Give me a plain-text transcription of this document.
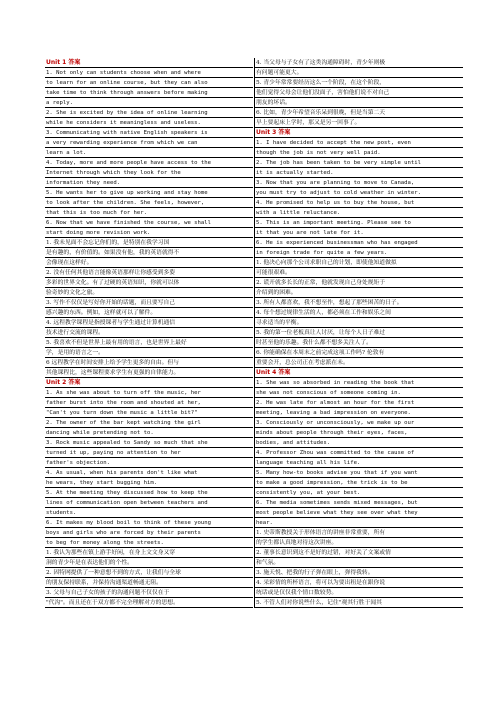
Unit 1 答案
1. Not only can students choose when and where
to learn for an online course, but they can also
take time to think through answers before making
a reply.
2. She is excited by the idea of online learning
while he considers it meaningless and useless.
3. Communicating with native English speakers is
a very rewarding experience from which we can
learn a lot.
4. Today, more and more people have access to the
Internet through which they look for the
information they need.
5. He wants her to give up working and stay home
to look after the children. She feels, however,
that this is too much for her.
6. Now that we have finished the course, we shall
start doing more revision work.
1. 我未见面不会忘记你们的，是特别在我学习国
是有趣的，有价值的。如果没有他，我的英语就得不
会像现在这样好。
2. 没有任何其他语言能像英语那样让你感受到多姿
多彩的世界文化。有了过硬的英语知识，你就可以体
验奇妙的文化之旅。
3. 写作不仅仅是写好你开始的话题，而且要写自己
感兴趣的东西。例如，这样就可以了解件。
4. 远程教学课程是指授课者与学生通过计算机通信
技术进行交流的课程。
5. 我喜欢不但是世界上最有用的语言，也是世界上最好
学，是用的语言之一。
6 远程教学在时间安排上给予学生更多的自由。但与
其他课程比，这些课程要求学生有更强的自律能力。
Unit 2 答案
1. As she was about to turn off the music, her
father burst into the room and shouted at her,
"Can't you turn down the music a little bit?"
2. The owner of the bar kept watching the girl
dancing while pretending not to.
3. Rock music appealed to Sandy so much that she
turned it up, paying no attention to her
father's objection.
4. As usual, when his parents don't like what
he wears, they start bugging him.
5. At the meeting they discussed how to keep the
lines of communication open between teachers and
students.
6. It makes my blood boil to think of these young
boys and girls who are forced by their parents
to beg for money along the streets.
1. 我认为那些在镇上游手好闲，在身上文文身又穿
洞的青少年是在表达他们的个性。
2. 因特网提供了一种意想不到的方式，让我们与全球
的朋友保持联系，并保持沟通渠道畅通无阻。
3. 父母与自己子女的孩子的沟通问题不仅仅在于
"代沟"。而且还在于双方都不完全理解对方的思想。
4. 当父母与子女有了这类沟通障碍时，青少年则极
有问题可能更大。
5. 青少年常常要经历这么一个阶段，在这个阶段，
他们觉得父母会让他们没面子，害怕他们说不对自己
朋友的坏话。
6. 比如，青少年希望音乐呆到很晚，但是当第二天
早上要起床上学时，那又是另一回事了。
Unit 3 答案
1. I have decided to accept the new post, even
though the job is not very well paid.
2. The job has been taken to be very simple until
it is actually started.
3. Now that you are planning to move to Canada,
you must try to adjust to cold weather in winter.
4. He promised to help us to buy the house, but
with a little reluctance.
5. This is an important meeting. Please see to
it that you are not late for it.
6. He is experienced businessman who has engaged
in foreign trade for quite a few years.
1. 他决心向那个公司求职自己的计划，即使他知道做拟
可能很艰难。
2. 谎开就多长长的正常，他就发现自己身处规矩于
介绍到的困难。
3. 所有人都喜欢，我不想至作，想起了那些困苦的日子。
4. 每个想过规律生活的人，都必须在工作和娱乐之间
寻求适当的平衡。
5. 我的第一位老板真让人讨厌，让每个人日子难过
时甚至他的乐趣。我什么都不想多关注人了。
6. 你能确保在本周末之前完成这项工作吗? 伦敦有
重要会开，总公司正在考虑派在未。
Unit 4 答案
1. She was so absorbed in reading the book that
she was not conscious of someone coming in.
2. He was late for almost an hour for the first
meeting, leaving a bad impression on everyone.
3. Consciously or unconsciously, we make up our
minds about people through their eyes, faces,
bodies, and attitudes.
4. Professor Zhou was committed to the cause of
language teaching all his life.
5. Many how-to books advise you that if you want
to make a good impression, the trick is to be
consistently you, at your best.
6. The media sometimes sends mixed messages, but
most people believe what they see over what they
hear.
1. 史蒂斯教授关于形体语言的讲座非常重要，所有
的学生都认真地对待这次讲座。
2. 董事长意识到这不是好的过错，对好关了文案或情
和气氛。
3. 施天悦、把我的行子弹在眼上，弹得我转。
4. 采彩情的所杯语言，将可以为要出租是在跟你说
统话或是仅仅我个情口数较势。
5. 不管人们对你说些什么，记住"观其行胜于闻其
